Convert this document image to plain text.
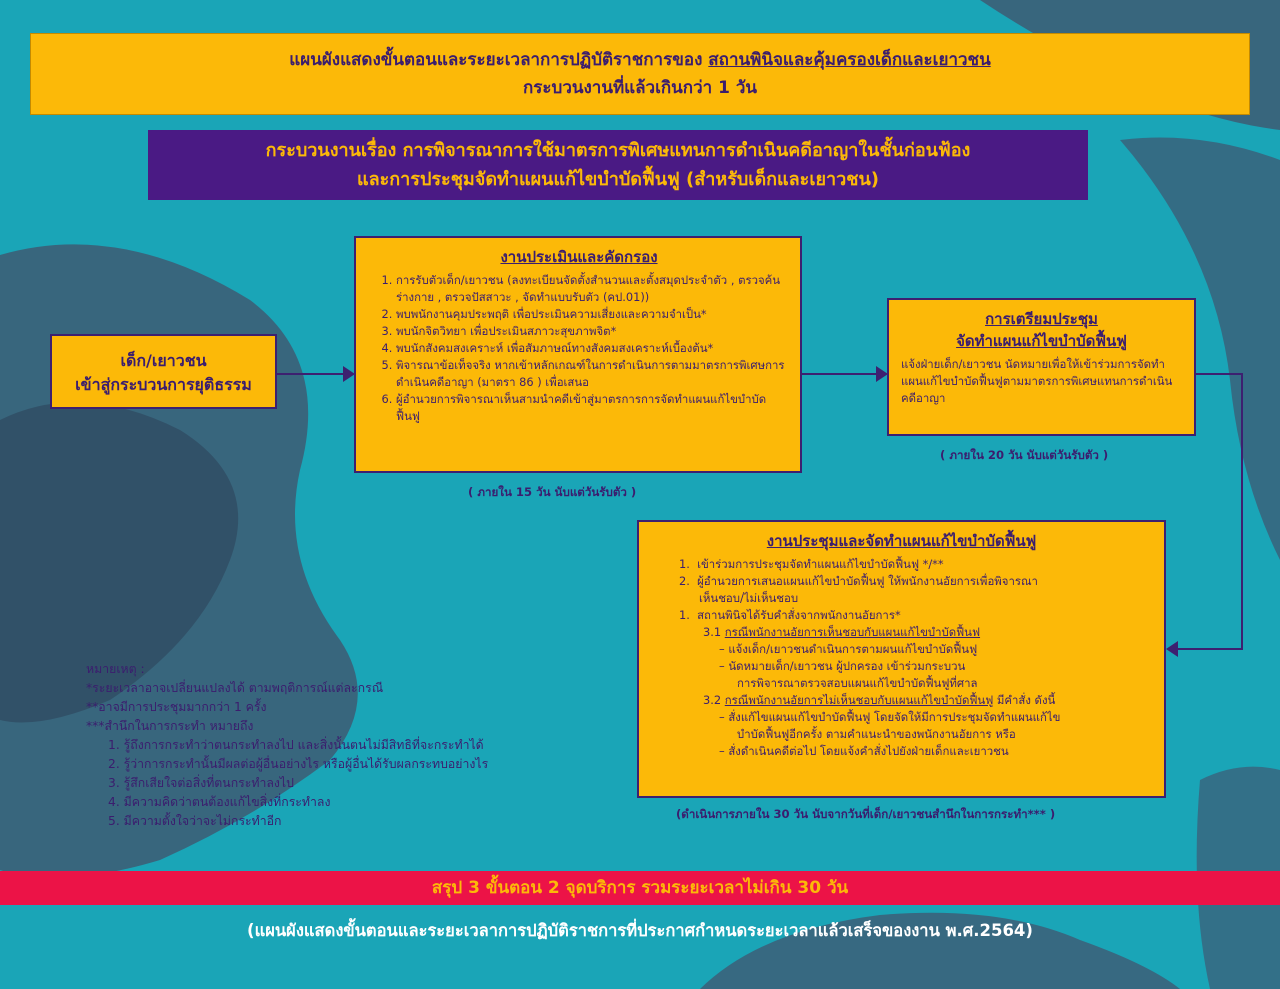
แผนผังแสดงขั้นตอนและระยะเวลาการปฏิบัติราชการของ สถานพินิจและคุ้มครองเด็กและเยาวชน
กระบวนงานที่แล้วเกินกว่า 1 วัน
กระบวนงานเรื่อง การพิจารณาการใช้มาตรการพิเศษแทนการดำเนินคดีอาญาในชั้นก่อนฟ้อง
และการประชุมจัดทำแผนแก้ไขบำบัดฟื้นฟู (สำหรับเด็กและเยาวชน)
เด็ก/เยาวชน
เข้าสู่กระบวนการยุติธรรม
งานประเมินและคัดกรอง
1. การรับตัวเด็ก/เยาวชน (ลงทะเบียนจัดตั้งสำนวนและตั้งสมุดประจำตัว , ตรวจค้นร่างกาย , ตรวจปัสสาวะ , จัดทำแบบรับตัว (คป.01))
2. พบพนักงานคุมประพฤติ เพื่อประเมินความเสี่ยงและความจำเป็น*
3. พบนักจิตวิทยา เพื่อประเมินสภาวะสุขภาพจิต*
4. พบนักสังคมสงเคราะห์ เพื่อสัมภาษณ์ทางสังคมสงเคราะห์เบื้องต้น*
5. พิจารณาข้อเท็จจริง หากเข้าหลักเกณฑ์ในการดำเนินการตามมาตรการพิเศษการดำเนินคดีอาญา (มาตรา 86 ) เพื่อเสนอ
6. ผู้อำนวยการพิจารณาเห็นสามนำคดีเข้าสู่มาตรการการจัดทำแผนแก้ไขบำบัดฟื้นฟู
( ภายใน 15 วัน นับแต่วันรับตัว )
การเตรียมประชุม
จัดทำแผนแก้ไขบำบัดฟื้นฟู
แจ้งฝ่ายเด็ก/เยาวชน นัดหมายเพื่อให้เข้าร่วมการจัดทำแผนแก้ไขบำบัดฟื้นฟูตามมาตรการพิเศษแทนการดำเนินคดีอาญา
( ภายใน 20 วัน นับแต่วันรับตัว )
งานประชุมและจัดทำแผนแก้ไขบำบัดฟื้นฟู
1.  เข้าร่วมการประชุมจัดทำแผนแก้ไขบำบัดฟื้นฟู */**
2.  ผู้อำนวยการเสนอแผนแก้ไขบำบัดฟื้นฟู ให้พนักงานอัยการเพื่อพิจารณา
เห็นชอบ/ไม่เห็นชอบ
1.  สถานพินิจได้รับคำสั่งจากพนักงานอัยการ*
3.1 กรณีพนักงานอัยการเห็นชอบกับแผนแก้ไขบำบัดฟื้นฟ
– แจ้งเด็ก/เยาวชนดำเนินการตามผนแก้ไขบำบัดฟื้นฟู
– นัดหมายเด็ก/เยาวชน ผู้ปกครอง เข้าร่วมกระบวน
การพิจารณาตรวจสอบแผนแก้ไขบำบัดฟื้นฟูที่ศาล
3.2 กรณีพนักงานอัยการไม่เห็นชอบกับแผนแก้ไขบำบัดฟื้นฟู มีคำสั่ง ดังนี้
– สั่งแก้ไขแผนแก้ไขบำบัดฟื้นฟู โดยจัดให้มีการประชุมจัดทำแผนแก้ไข
บำบัดฟื้นฟูอีกครั้ง ตามคำแนะนำของพนักงานอัยการ หรือ
– สั่งดำเนินคดีต่อไป โดยแจ้งคำสั่งไปยังฝ่ายเด็กและเยาวชน
(ดำเนินการภายใน 30 วัน นับจากวันที่เด็ก/เยาวชนสำนึกในการกระทำ*** )
หมายเหตุ :
*ระยะเวลาอาจเปลี่ยนแปลงได้ ตามพฤติการณ์แต่ละกรณี
**อาจมีการประชุมมากกว่า 1 ครั้ง
***สำนึกในการกระทำ หมายถึง
1. รู้ถึงการกระทำว่าตนกระทำลงไป และสิ่งนั้นตนไม่มีสิทธิที่จะกระทำได้
2. รู้ว่าการกระทำนั้นมีผลต่อผู้อื่นอย่างไร หรือผู้อื่นได้รับผลกระทบอย่างไร
3. รู้สึกเสียใจต่อสิ่งที่ตนกระทำลงไป
4. มีความคิดว่าตนต้องแก้ไขสิ่งที่กระทำลง
5. มีความตั้งใจว่าจะไม่กระทำอีก
สรุป 3 ขั้นตอน 2 จุดบริการ รวมระยะเวลาไม่เกิน 30 วัน
(แผนผังแสดงขั้นตอนและระยะเวลาการปฏิบัติราชการที่ประกาศกำหนดระยะเวลาแล้วเสร็จของงาน พ.ศ.2564)
